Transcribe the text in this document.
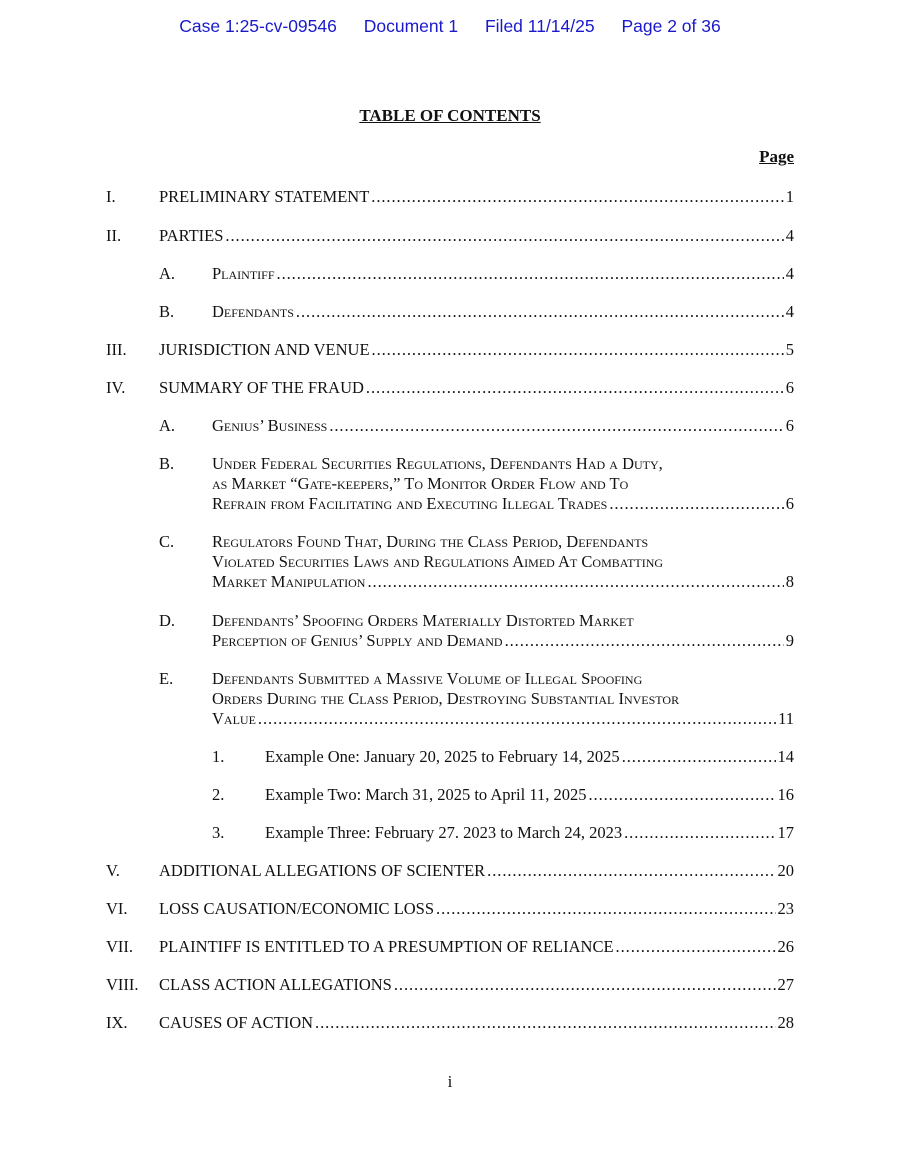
Case 1:25-cv-09546 Document 1 Filed 11/14/25 Page 2 of 36
TABLE OF CONTENTS
Page
I.	PRELIMINARY STATEMENT . . .	1
II. PARTIES . . .	4
A. Plaintiff . . .	4
B. Defendants . . .	4
III. JURISDICTION AND VENUE . . .	5
IV. SUMMARY OF THE FRAUD . . .	6
A. Genius’ Business . . .	6
B. Under Federal Securities Regulations, Defendants Had a Duty,
as Market “Gate-keepers,” To Monitor Order Flow and To
Refrain from Facilitating and Executing Illegal Trades . . .	6
C. Regulators Found That, During the Class Period, Defendants
Violated Securities Laws and Regulations Aimed At Combatting
Market Manipulation . . .	8
D. Defendants’ Spoofing Orders Materially Distorted Market
Perception of Genius’ Supply and Demand . . .	9
E. Defendants Submitted a Massive Volume of Illegal Spoofing
Orders During the Class Period, Destroying Substantial Investor
Value . . .	11
1. Example One: January 20, 2025 to February 14, 2025 . . .	14
2. Example Two: March 31, 2025 to April 11, 2025 . . .	16
3. Example Three: February 27. 2023 to March 24, 2023 . . .	17
V. ADDITIONAL ALLEGATIONS OF SCIENTER . . .	20
VI. LOSS CAUSATION/ECONOMIC LOSS . . .	23
VII. PLAINTIFF IS ENTITLED TO A PRESUMPTION OF RELIANCE . . .	26
VIII. CLASS ACTION ALLEGATIONS . . .	27
IX. CAUSES OF ACTION . . .	28
i
